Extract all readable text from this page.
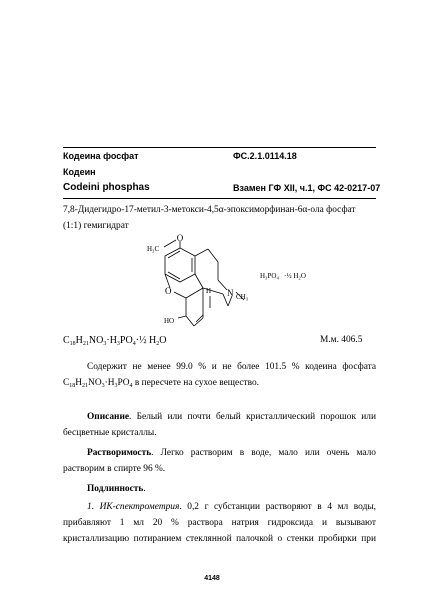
Кодеина фосфат	ФС.2.1.0114.18
Кодеин
Codeini phosphas	Взамен ГФ XII, ч.1, ФС 42-0217-07
7,8-Дидегидро-17-метил-3-метокси-4,5α-эпоксиморфинан-6α-ола фосфат
(1:1) гемигидрат
O
H₃C
O	H N CH₃
HO
H₃PO₄ ·½ H₂O
$C_{18}H_{21}NO_3\cdot H_3PO_4\cdot\frac{1}{2}$ $H_2O$	М.м. 406.5
Содержит не менее 99.0 % и не более 101.5 % кодеина фосфата
$C_{18}H_{21}NO_3\cdot H_3PO_4$ в пересчете на сухое вещество.
Описание. Белый или почти белый кристаллический порошок или
бесцветные кристаллы.
Растворимость. Легко растворим в воде, мало или очень мало
растворим в спирте 96 %.
Подлинность.
1. ИК-спектрометрия. 0,2 г субстанции растворяют в 4 мл воды,
прибавляют 1 мл 20 % раствора натрия гидроксида и вызывают
кристаллизацию потиранием стеклянной палочкой о стенки пробирки при
4148
